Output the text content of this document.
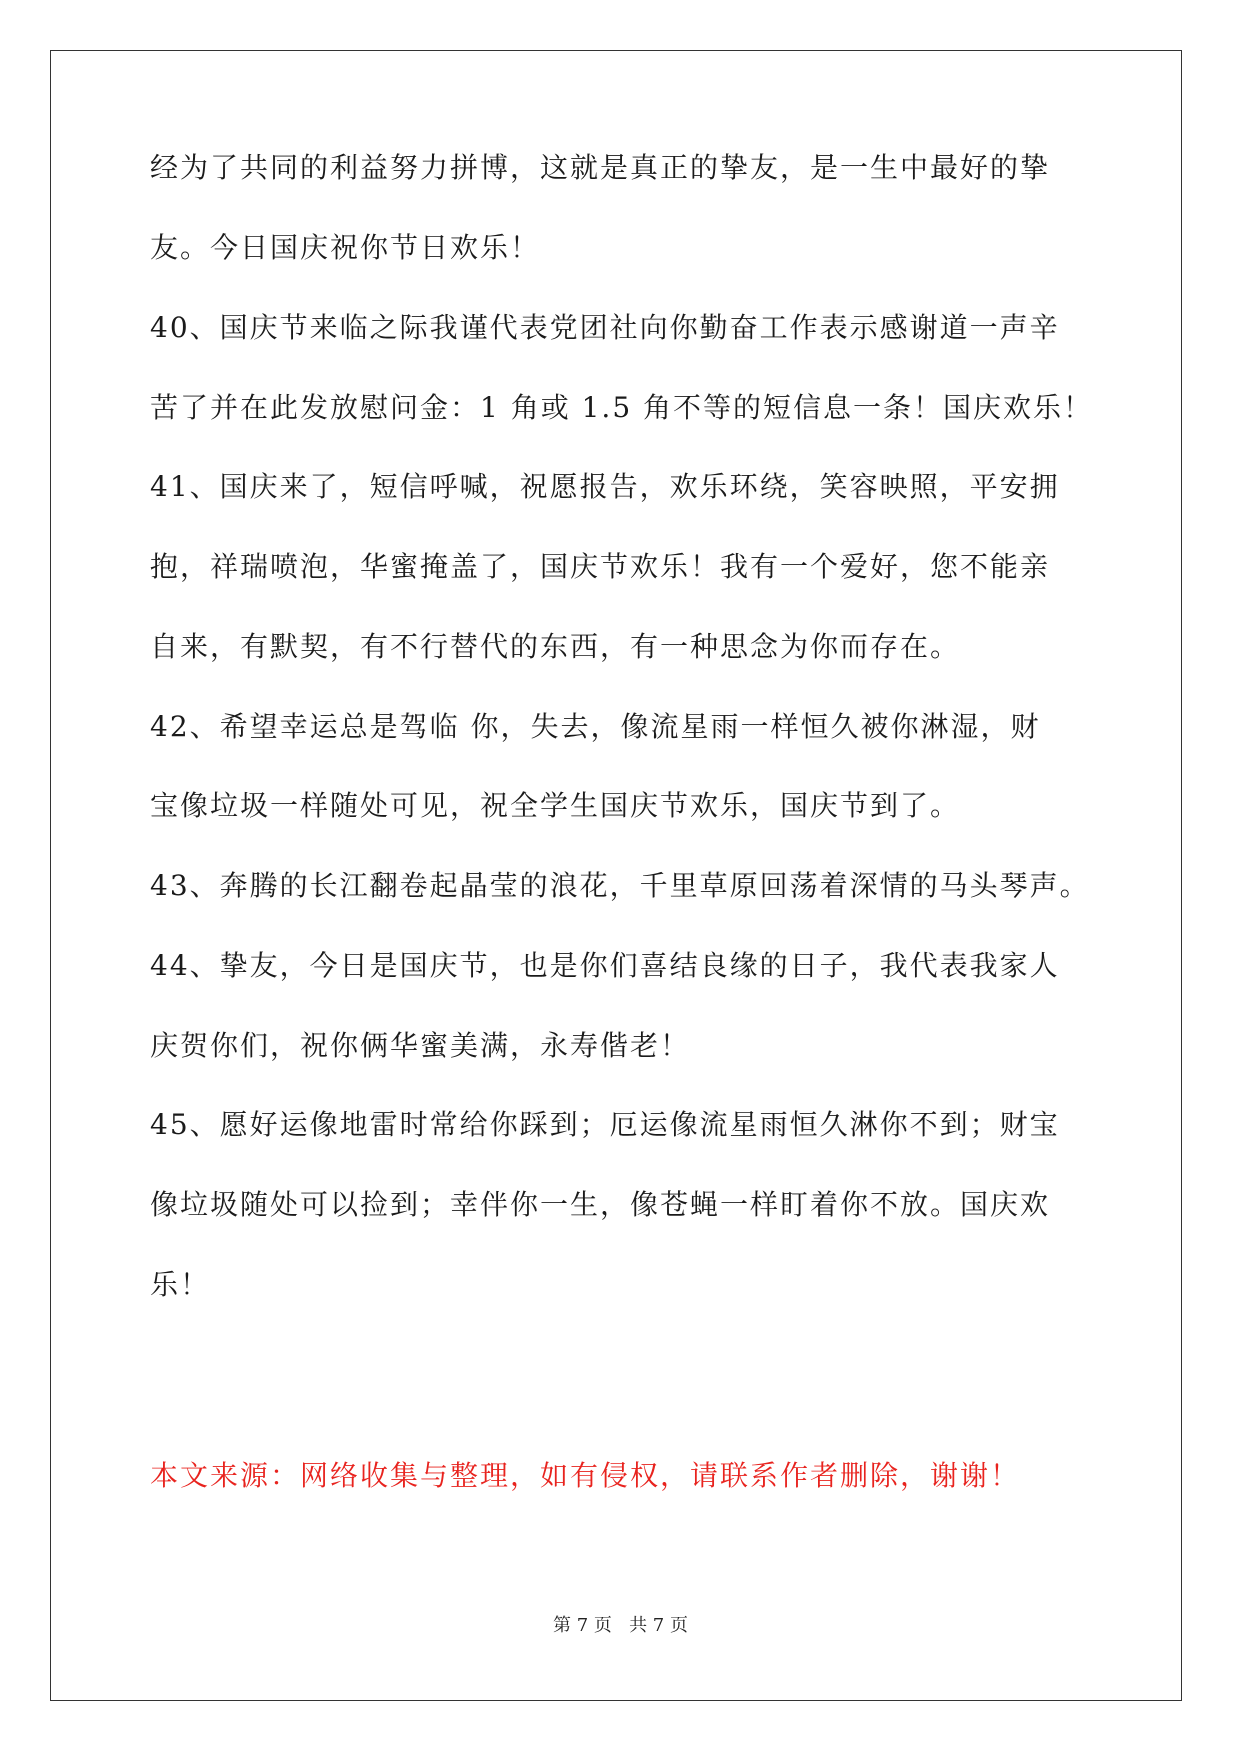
经为了共同的利益努力拼博，这就是真正的挚友，是一生中最好的挚
友。今日国庆祝你节日欢乐！
40、国庆节来临之际我谨代表党团社向你勤奋工作表示感谢道一声辛
苦了并在此发放慰问金：1 角或 1.5 角不等的短信息一条！国庆欢乐！
41、国庆来了，短信呼喊，祝愿报告，欢乐环绕，笑容映照，平安拥
抱，祥瑞喷泡，华蜜掩盖了，国庆节欢乐！我有一个爱好，您不能亲
自来，有默契，有不行替代的东西，有一种思念为你而存在。
42、希望幸运总是驾临 你，失去，像流星雨一样恒久被你淋湿，财
宝像垃圾一样随处可见，祝全学生国庆节欢乐，国庆节到了。
43、奔腾的长江翻卷起晶莹的浪花，千里草原回荡着深情的马头琴声。
44、挚友，今日是国庆节，也是你们喜结良缘的日子，我代表我家人
庆贺你们，祝你俩华蜜美满，永寿偕老！
45、愿好运像地雷时常给你踩到；厄运像流星雨恒久淋你不到；财宝
像垃圾随处可以捡到；幸伴你一生，像苍蝇一样盯着你不放。国庆欢
乐！
本文来源：网络收集与整理，如有侵权，请联系作者删除，谢谢！
第 7 页   共 7 页
